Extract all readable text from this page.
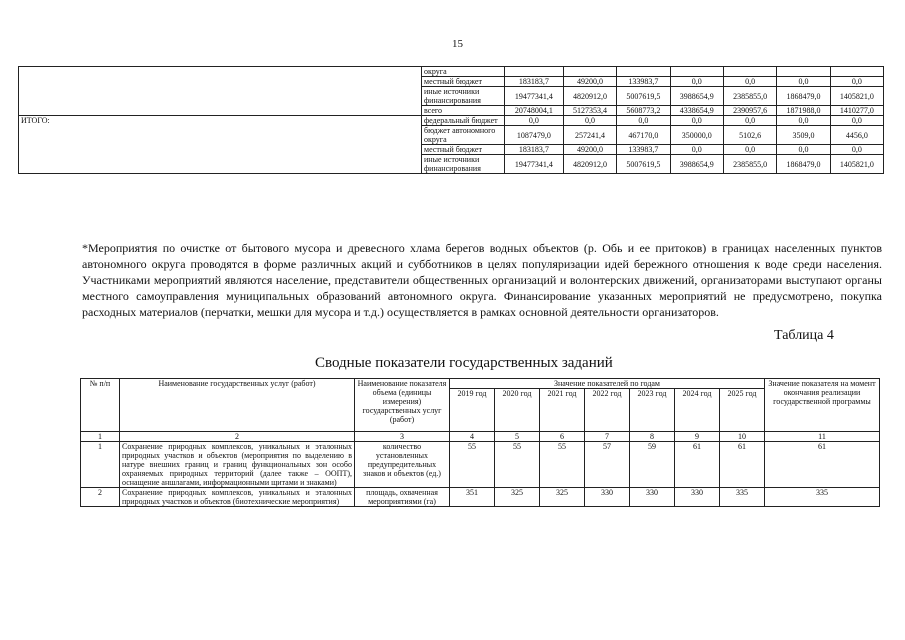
15
	округа							
	местный бюджет	183183,7	49200,0	133983,7	0,0	0,0	0,0	0,0
	иные источники финансирования	19477341,4	4820912,0	5007619,5	3988654,9	2385855,0	1868479,0	1405821,0
	всего	20748004,1	5127353,4	5608773,2	4338654,9	2390957,6	1871988,0	1410277,0
ИТОГО:	федеральный бюджет	0,0	0,0	0,0	0,0	0,0	0,0	0,0
	бюджет автономного округа	1087479,0	257241,4	467170,0	350000,0	5102,6	3509,0	4456,0
	местный бюджет	183183,7	49200,0	133983,7	0,0	0,0	0,0	0,0
	иные источники финансирования	19477341,4	4820912,0	5007619,5	3988654,9	2385855,0	1868479,0	1405821,0
*Мероприятия по очистке от бытового мусора и древесного хлама берегов водных объектов (р. Обь и ее притоков) в границах населенных пунктов автономного округа проводятся в форме различных акций и субботников в целях популяризации идей бережного отношения к воде среди населения. Участниками мероприятий являются население, представители общественных организаций и волонтерских движений, организаторами выступают органы местного самоуправления муниципальных образований автономного округа. Финансирование указанных мероприятий не предусмотрено, покупка расходных материалов (перчатки, мешки для мусора и т.д.) осуществляется в рамках основной деятельности организаторов.
Таблица 4
Сводные показатели государственных заданий
№ п/п	Наименование государственных услуг (работ)	Наименование показателя объема (единицы измерения) государственных услуг (работ)	Значение показателей по годам							Значение показателя на момент окончания реализации государственной программы
			2019 год	2020 год	2021 год	2022 год	2023 год	2024 год	2025 год	
1	2	3	4	5	6	7	8	9	10	11
1	Сохранение природных комплексов, уникальных и эталонных природных участков и объектов (мероприятия по выделению в натуре внешних границ и границ функциональных зон особо охраняемых природных территорий (далее также – ООПТ), оснащение аншлагами, информационными щитами и знаками)	количество установленных предупредительных знаков и объектов (ед.)	55	55	55	57	59	61	61	61
2	Сохранение природных комплексов, уникальных и эталонных природных участков и объектов (биотехнические мероприятия)	площадь, охваченная мероприятиями (га)	351	325	325	330	330	330	335	335
